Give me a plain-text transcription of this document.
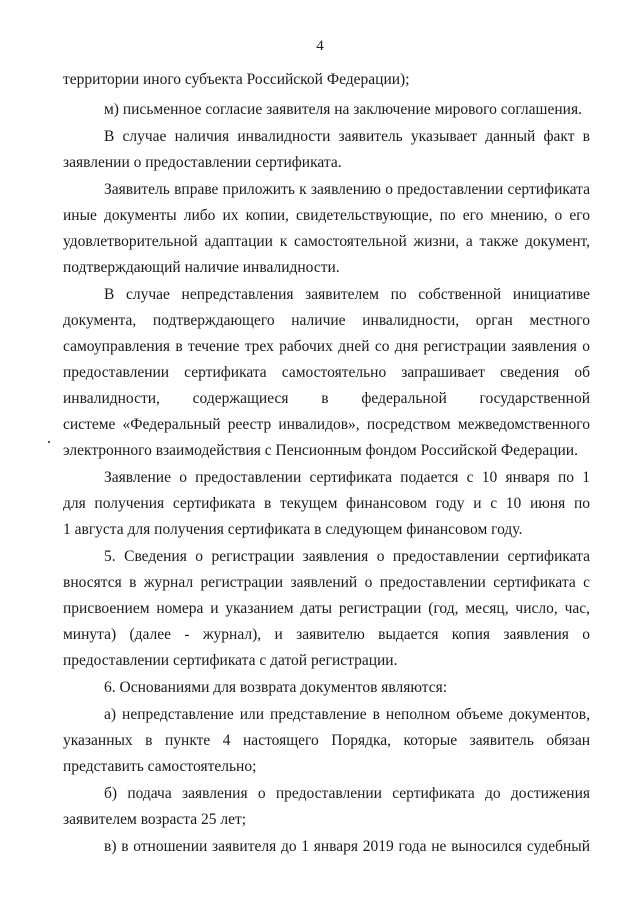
4

территории иного субъекта Российской Федерации);

м) письменное согласие заявителя на заключение мирового соглашения.

В случае наличия инвалидности заявитель указывает данный факт в

заявлении о предоставлении сертификата.

Заявитель вправе приложить к заявлению о предоставлении сертификата

иные документы либо их копии, свидетельствующие, по его мнению, о его

удовлетворительной адаптации к самостоятельной жизни, а также документ,

подтверждающий наличие инвалидности.

В случае непредставления заявителем по собственной инициативе

документа, подтверждающего наличие инвалидности, орган местного

самоуправления в течение трех рабочих дней со дня регистрации заявления о

предоставлении сертификата самостоятельно запрашивает сведения об

инвалидности, содержащиеся в федеральной государственной

системе «Федеральный реестр инвалидов», посредством межведомственного

электронного взаимодействия с Пенсионным фондом Российской Федерации.

Заявление о предоставлении сертификата подается с 10 января по 1

для получения сертификата в текущем финансовом году и с 10 июня по

1 августа для получения сертификата в следующем финансовом году.

5. Сведения о регистрации заявления о предоставлении сертификата

вносятся в журнал регистрации заявлений о предоставлении сертификата с

присвоением номера и указанием даты регистрации (год, месяц, число, час,

минута) (далее - журнал), и заявителю выдается копия заявления о

предоставлении сертификата с датой регистрации.

6. Основаниями для возврата документов являются:

а) непредставление или представление в неполном объеме документов,

указанных в пункте 4 настоящего Порядка, которые заявитель обязан

представить самостоятельно;

б) подача заявления о предоставлении сертификата до достижения

заявителем возраста 25 лет;

в) в отношении заявителя до 1 января 2019 года не выносился судебный
